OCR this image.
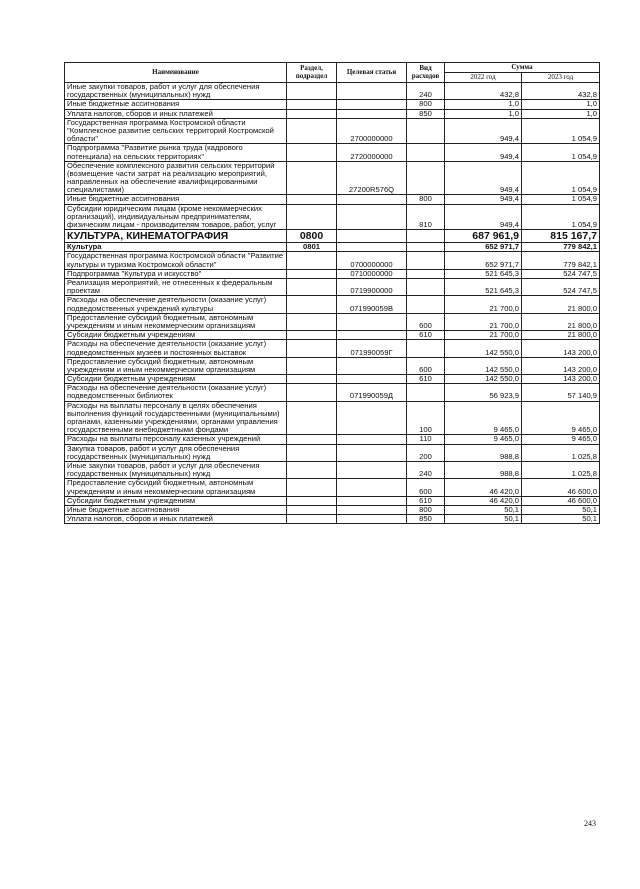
Наименование	Раздел, подраздел	Целевая статья	Вид расходов	Сумма	
				2022 год	2023 год
Иные закупки товаров, работ и услуг для обеспечения государственных (муниципальных) нужд			240	432,8	432,8
Иные бюджетные ассигнования			800	1,0	1,0
Уплата налогов, сборов и иных платежей			850	1,0	1,0
Государственная программа Костромской области "Комплексное развитие сельских территорий Костромской области"		2700000000		949,4	1 054,9
Подпрограмма "Развитие рынка труда (кадрового потенциала) на сельских территориях"		2720000000		949,4	1 054,9
Обеспечение комплексного развития сельских территорий (возмещение части затрат на реализацию мероприятий, направленных на обеспечение квалифицированными специалистами)		27200R576Q		949,4	1 054,9
Иные бюджетные ассигнования			800	949,4	1 054,9
Субсидии юридическим лицам (кроме некоммерческих организаций), индивидуальным предпринимателям, физическим лицам - производителям товаров, работ, услуг			810	949,4	1 054,9
КУЛЬТУРА, КИНЕМАТОГРАФИЯ	0800			687 961,9	815 167,7
Культура	0801			652 971,7	779 842,1
Государственная программа Костромской области "Развитие культуры и туризма Костромской области"		0700000000		652 971,7	779 842,1
Подпрограмма "Культура и искусство"		0710000000		521 645,3	524 747,5
Реализация мероприятий, не отнесенных к федеральным проектам		0719900000		521 645,3	524 747,5
Расходы на обеспечение деятельности (оказание услуг) подведомственных учреждений культуры		071990059B		21 700,0	21 800,0
Предоставление субсидий бюджетным, автономным учреждениям и иным некоммерческим организациям			600	21 700,0	21 800,0
Субсидии бюджетным учреждениям			610	21 700,0	21 800,0
Расходы на обеспечение деятельности (оказание услуг) подведомственных музеев и постоянных выставок		071990059Г		142 550,0	143 200,0
Предоставление субсидий бюджетным, автономным учреждениям и иным некоммерческим организациям			600	142 550,0	143 200,0
Субсидии бюджетным учреждениям			610	142 550,0	143 200,0
Расходы на обеспечение деятельности (оказание услуг) подведомственных библиотек		071990059Д		56 923,9	57 140,9
Расходы на выплаты персоналу в целях обеспечения выполнения функций государственными (муниципальными) органами, казенными учреждениями, органами управления государственными внебюджетными фондами			100	9 465,0	9 465,0
Расходы на выплаты персоналу казенных учреждений			110	9 465,0	9 465,0
Закупка товаров, работ и услуг для обеспечения государственных (муниципальных) нужд			200	988,8	1 025,8
Иные закупки товаров, работ и услуг для обеспечения государственных (муниципальных) нужд			240	988,8	1 025,8
Предоставление субсидий бюджетным, автономным учреждениям и иным некоммерческим организациям			600	46 420,0	46 600,0
Субсидии бюджетным учреждениям			610	46 420,0	46 600,0
Иные бюджетные ассигнования			800	50,1	50,1
Уплата налогов, сборов и иных платежей			850	50,1	50,1
243
